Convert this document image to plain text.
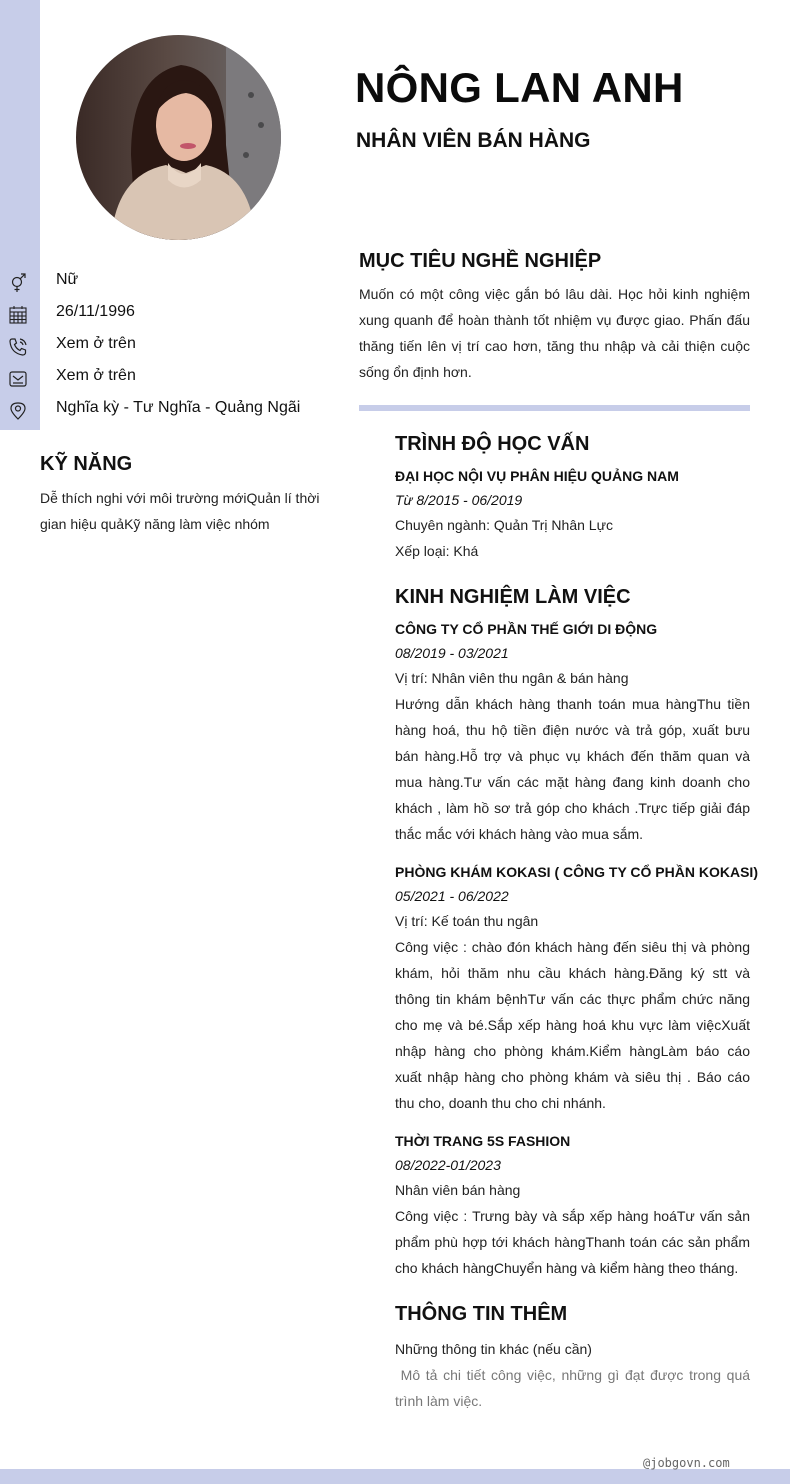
NÔNG LAN ANH
NHÂN VIÊN BÁN HÀNG
Nữ
26/11/1996
Xem ở trên
Xem ở trên
Nghĩa kỳ - Tư Nghĩa - Quảng Ngãi
KỸ NĂNG
Dễ thích nghi với môi trường mớiQuản lí thời gian hiệu quảKỹ năng làm việc nhóm
MỤC TIÊU NGHỀ NGHIỆP
Muốn có một công việc gắn bó lâu dài. Học hỏi kinh nghiệm xung quanh để hoàn thành tốt nhiệm vụ được giao. Phấn đấu thăng tiến lên vị trí cao hơn, tăng thu nhập và cải thiện cuộc sống ổn định hơn.
TRÌNH ĐỘ HỌC VẤN
ĐẠI HỌC NỘI VỤ PHÂN HIỆU QUẢNG NAM
Từ 8/2015 - 06/2019
Chuyên ngành: Quản Trị Nhân Lực
Xếp loại: Khá
KINH NGHIỆM LÀM VIỆC
CÔNG TY CỔ PHẦN THẾ GIỚI DI ĐỘNG
08/2019 - 03/2021
Vị trí: Nhân viên thu ngân & bán hàng
Hướng dẫn khách hàng thanh toán mua hàngThu tiền hàng hoá, thu hộ tiền điện nước và trả góp, xuất bưu bán hàng.Hỗ trợ và phục vụ khách đến thăm quan và mua hàng.Tư vấn các mặt hàng đang kinh doanh cho khách , làm hồ sơ trả góp cho khách .Trực tiếp giải đáp thắc mắc với khách hàng vào mua sắm.
PHÒNG KHÁM KOKASI ( CÔNG TY CỔ PHẦN KOKASI)
05/2021 - 06/2022
Vị trí: Kế toán thu ngân
Công việc : chào đón khách hàng đến siêu thị và phòng khám, hỏi thăm nhu cầu khách hàng.Đăng ký stt và thông tin khám bệnhTư vấn các thực phẩm chức năng cho mẹ và bé.Sắp xếp hàng hoá khu vực làm việcXuất nhập hàng cho phòng khám.Kiểm hàngLàm báo cáo xuất nhập hàng cho phòng khám và siêu thị . Báo cáo thu cho, doanh thu cho chi nhánh.
THỜI TRANG 5S FASHION
08/2022-01/2023
Nhân viên bán hàng
Công việc : Trưng bày và sắp xếp hàng hoáTư vấn sản phẩm phù hợp tới khách hàngThanh toán các sản phẩm cho khách hàngChuyển hàng và kiểm hàng theo tháng.
THÔNG TIN THÊM
Những thông tin khác (nếu cần)
Mô tả chi tiết công việc, những gì đạt được trong quá trình làm việc.
@jobgovn.com
